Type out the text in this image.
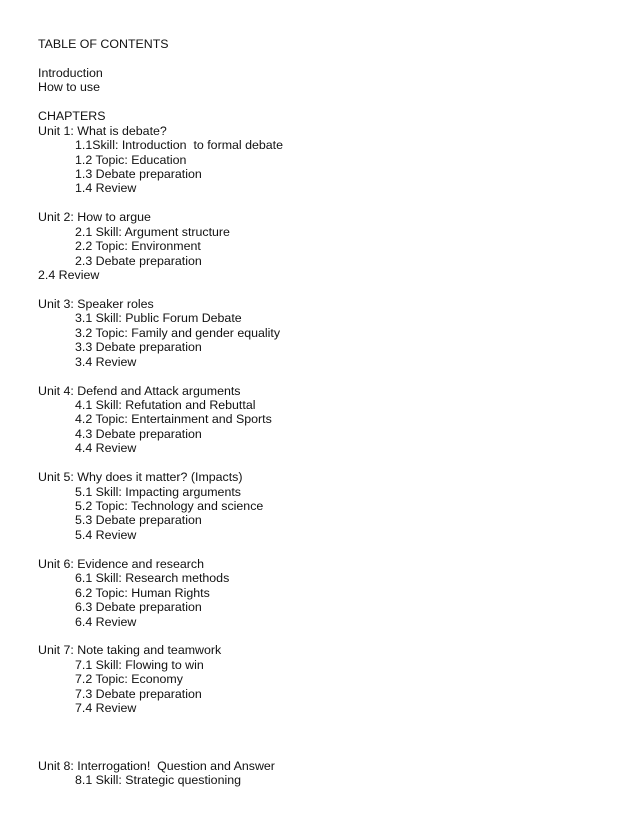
TABLE OF CONTENTS
Introduction
How to use
CHAPTERS
Unit 1: What is debate?
1.1Skill: Introduction  to formal debate
1.2 Topic: Education
1.3 Debate preparation
1.4 Review
Unit 2: How to argue
2.1 Skill: Argument structure
2.2 Topic: Environment
2.3 Debate preparation
2.4 Review
Unit 3: Speaker roles
3.1 Skill: Public Forum Debate
3.2 Topic: Family and gender equality
3.3 Debate preparation
3.4 Review
Unit 4: Defend and Attack arguments
4.1 Skill: Refutation and Rebuttal
4.2 Topic: Entertainment and Sports
4.3 Debate preparation
4.4 Review
Unit 5: Why does it matter? (Impacts)
5.1 Skill: Impacting arguments
5.2 Topic: Technology and science
5.3 Debate preparation
5.4 Review
Unit 6: Evidence and research
6.1 Skill: Research methods
6.2 Topic: Human Rights
6.3 Debate preparation
6.4 Review
Unit 7: Note taking and teamwork
7.1 Skill: Flowing to win
7.2 Topic: Economy
7.3 Debate preparation
7.4 Review
Unit 8: Interrogation!  Question and Answer
8.1 Skill: Strategic questioning
